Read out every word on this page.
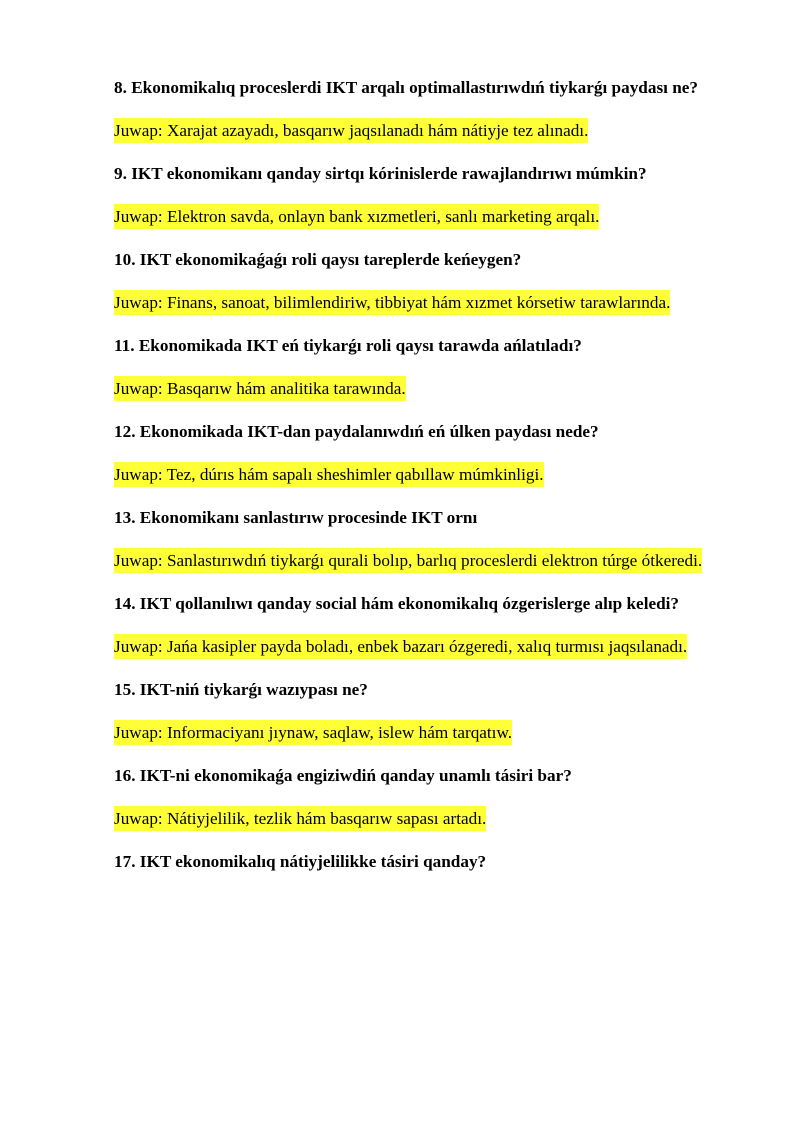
8. Ekonomikalıq proceslerdi IKT arqalı optimallastırıwdıń tiykarǵı paydası ne?

Juwap: Xarajat azayadı, basqarıw jaqsılanadı hám nátiyje tez alınadı.

9. IKT ekonomikanı qanday sirtqı kórinislerde rawajlandırıwı múmkin?

Juwap: Elektron savda, onlayn bank xızmetleri, sanlı marketing arqalı.

10. IKT ekonomikaǵaǵı roli qaysı tareplerde keńeygen?

Juwap: Finans, sanoat, bilimlendiriw, tibbiyat hám xızmet kórsetiw tarawlarında.

11. Ekonomikada IKT eń tiykarǵı roli qaysı tarawda ańlatıladı?

Juwap: Basqarıw hám analitika tarawında.

12. Ekonomikada IKT-dan paydalanıwdıń eń úlken paydası nede?

Juwap: Tez, dúrıs hám sapalı sheshimler qabıllaw múmkinligi.

13. Ekonomikanı sanlastırıw procesinde IKT ornı

Juwap: Sanlastırıwdıń tiykarǵı qurali bolıp, barlıq proceslerdi elektron túrge ótkeredi.

14. IKT qollanılıwı qanday social hám ekonomikalıq ózgerislerge alıp keledi?

Juwap: Jańa kasipler payda boladı, enbek bazarı ózgeredi, xalıq turmısı jaqsılanadı.

15. IKT-niń tiykarǵı wazıypası ne?

Juwap: Informaciyanı jıynaw, saqlaw, islew hám tarqatıw.

16. IKT-ni ekonomikaǵa engiziwdiń qanday unamlı tásiri bar?

Juwap: Nátiyjelilik, tezlik hám basqarıw sapası artadı.

17. IKT ekonomikalıq nátiyjelilikke tásiri qanday?
